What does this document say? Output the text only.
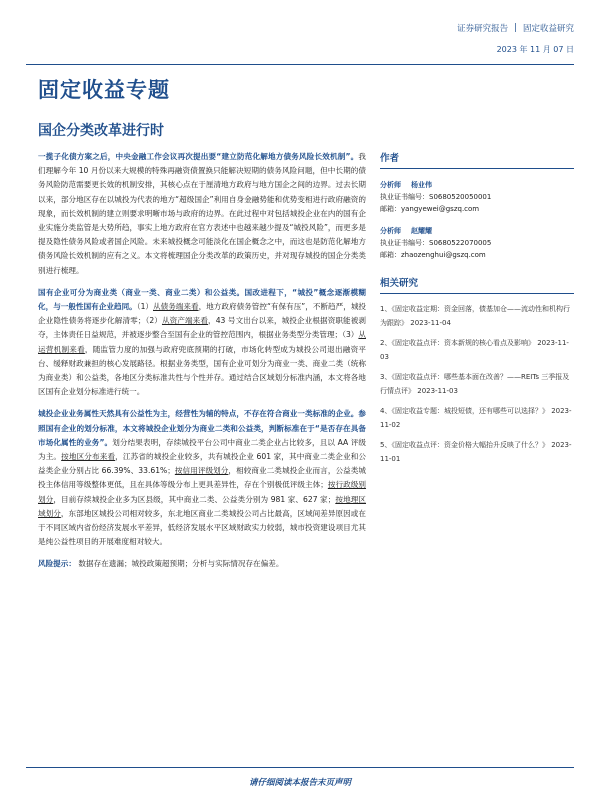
证券研究报告 | 固定收益研究
2023 年 11 月 07 日
固定收益专题
国企分类改革进行时

一揽子化债方案之后，中央金融工作会议再次提出要“建立防范化解地方债务风险长效机制”。我们理解今年 10 月份以来大规模的特殊再融资债置换只能解决短期的债务风险问题，但中长期的债务风险防范需要更长效的机制安排，其核心点在于厘清地方政府与地方国企之间的边界。过去长期以来，部分地区存在以城投为代表的地方“超级国企”利用自身金融势能和优势变相进行政府融资的现象，而长效机制的建立则要求明晰市场与政府的边界。在此过程中对包括城投企业在内的国有企业实施分类监管是大势所趋，事实上地方政府在官方表述中也越来越少提及“城投风险”，而更多是提及隐性债务风险或者国企风险。未来城投概念可能淡化在国企概念之中，而这也是防范化解地方债务风险长效机制的应有之义。本文将梳理国企分类改革的政策历史，并对现存城投的国企分类类别进行梳理。

国有企业可分为商业类（商业一类、商业二类）和公益类。国改进程下，“城投”概念逐渐模糊化，与一般性国有企业趋同。（1）从债务端来看，地方政府债务管控“有保有压”，不断趋严，城投企业隐性债务将逐步化解清零；（2）从资产端来看，43 号文出台以来，城投企业根据资职能被剥夺，主体责任日益规范，并被逐步整合至国有企业的管控范围内，根据业务类型分类管理；（3）从运营机制来看，随监管力度的加强与政府兜底预期的打破，市场化转型成为城投公司退出融资平台、缓释财政兼担的核心发展路径。根据业务类型，国有企业可划分为商业一类、商业二类（统称为商业类）和公益类，各地区分类标准共性与个性并存。通过结合区域划分标准内涵，本文将各地区国有企业划分标准进行统一。

城投企业业务属性天然具有公益性为主，经营性为辅的特点，不存在符合商业一类标准的企业。参照国有企业的划分标准，本文将城投企业划分为商业二类和公益类，判断标准在于“是否存在具备市场化属性的业务”。划分结果表明，存续城投平台公司中商业二类企业占比较多，且以 AA 评级为主。按地区分布来看，江苏省的城投企业较多，共有城投企业 601 家，其中商业二类企业和公益类企业分别占比 66.39%、33.61%；按信用评级划分，相较商业二类城投企业而言，公益类城投主体信用等级整体更低，且在具体等级分布上更具差异性，存在个别极低评级主体；按行政级别划分，目前存续城投企业多为区县级，其中商业二类、公益类分别为 981 家、627 家；按地理区域划分，东部地区城投公司相对较多，东北地区商业二类城投公司占比最高，区域间差异原因或在于不同区域内省份经济发展水平差异，低经济发展水平区域财政实力较弱，城市投资建设项目尤其是纯公益性项目的开展难度相对较大。

风险提示： 数据存在遗漏；城投政策超预期；分析与实际情况存在偏差。

作者
分析师 杨业伟
执业证书编号：S0680520050001
邮箱：yangyewei@gszq.com
分析师 赵耀耀
执业证书编号：S0680522070005
邮箱：zhaozenghui@gszq.com
相关研究
1、《固定收益定期：资金回落，债基加仓——流动性和机构行为跟踪》 2023-11-04
2、《固定收益点评：资本新规的核心看点及影响》 2023-11-03
3、《固定收益点评：哪些基本面在改善？——REITs 三季报及行情点评》 2023-11-03
4、《固定收益专题：城投短债，还有哪些可以选择？》 2023-11-02
5、《固定收益点评：资金价格大幅抬升反映了什么？》 2023-11-01
请仔细阅读本报告末页声明
